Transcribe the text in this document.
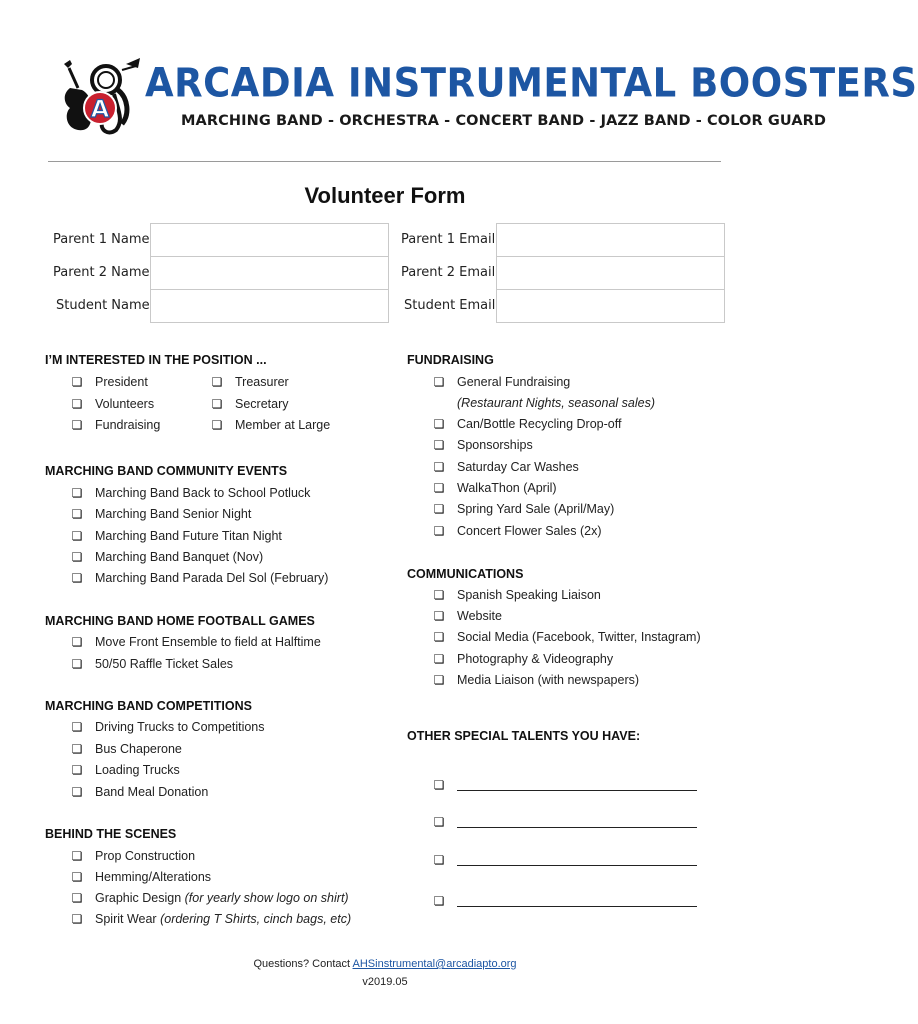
A
ARCADIA INSTRUMENTAL BOOSTERS
MARCHING BAND - ORCHESTRA - CONCERT BAND - JAZZ BAND - COLOR GUARD
Volunteer Form
Parent 1 Name	Parent 1 Email
Parent 2 Name	Parent 2 Email
Student Name	Student Email
I’M INTERESTED IN THE POSITION ...
❏ President
❏ Volunteers
❏ Fundraising
❏ Treasurer
❏ Secretary
❏ Member at Large
MARCHING BAND COMMUNITY EVENTS
❏ Marching Band Back to School Potluck
❏ Marching Band Senior Night
❏ Marching Band Future Titan Night
❏ Marching Band Banquet (Nov)
❏ Marching Band Parada Del Sol (February)
MARCHING BAND HOME FOOTBALL GAMES
❏ Move Front Ensemble to field at Halftime
❏ 50/50 Raffle Ticket Sales
MARCHING BAND COMPETITIONS
❏ Driving Trucks to Competitions
❏ Bus Chaperone
❏ Loading Trucks
❏ Band Meal Donation
BEHIND THE SCENES
❏ Prop Construction
❏ Hemming/Alterations
❏ Graphic Design (for yearly show logo on shirt)
❏ Spirit Wear (ordering T Shirts, cinch bags, etc)
FUNDRAISING
❏ General Fundraising
(Restaurant Nights, seasonal sales)
❏ Can/Bottle Recycling Drop-off
❏ Sponsorships
❏ Saturday Car Washes
❏ WalkaThon (April)
❏ Spring Yard Sale (April/May)
❏ Concert Flower Sales (2x)
COMMUNICATIONS
❏ Spanish Speaking Liaison
❏ Website
❏ Social Media (Facebook, Twitter, Instagram)
❏ Photography & Videography
❏ Media Liaison (with newspapers)
OTHER SPECIAL TALENTS YOU HAVE:
❏
❏
❏
❏
Questions? Contact AHSinstrumental@arcadiapto.org
v2019.05
